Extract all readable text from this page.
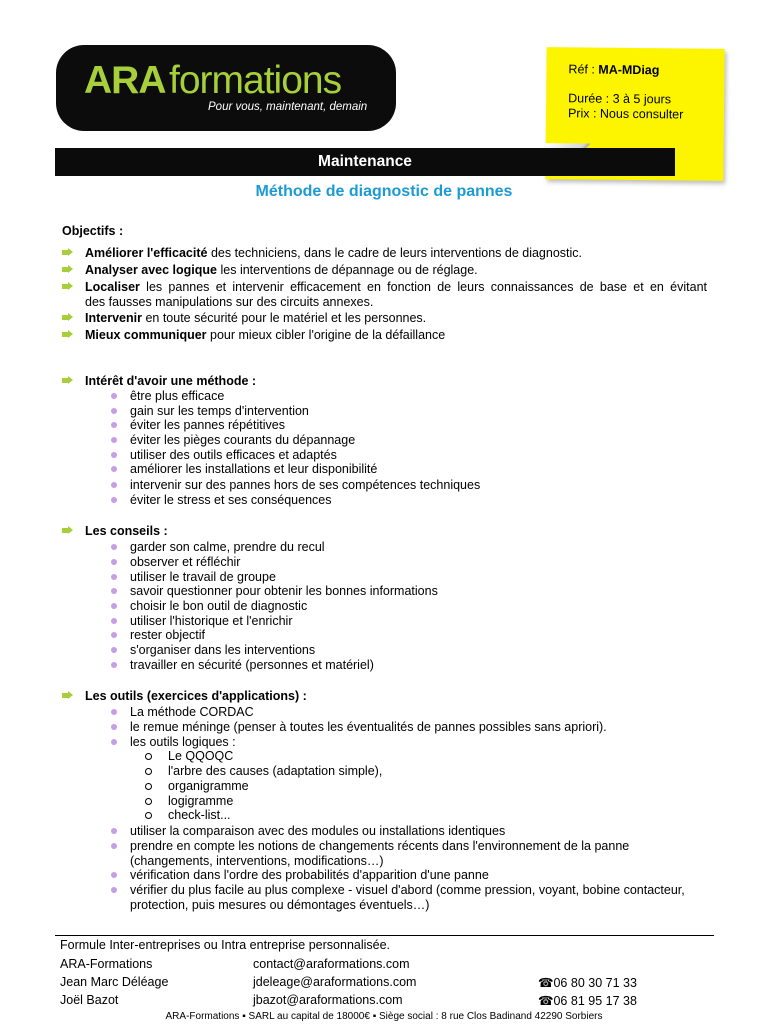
ARA formations
Pour vous, maintenant, demain
Réf : MA-MDiag
Durée : 3 à 5 jours
Prix : Nous consulter
Maintenance
Méthode de diagnostic de pannes
Objectifs :
Améliorer l'efficacité des techniciens, dans le cadre de leurs interventions de diagnostic.
Analyser avec logique les interventions de dépannage ou de réglage.
Localiser les pannes et intervenir efficacement en fonction de leurs connaissances de base et en évitant
des fausses manipulations sur des circuits annexes.
Intervenir en toute sécurité pour le matériel et les personnes.
Mieux communiquer pour mieux cibler l'origine de la défaillance
Intérêt d'avoir une méthode :
être plus efficace
gain sur les temps d'intervention
éviter les pannes répétitives
éviter les pièges courants du dépannage
utiliser des outils efficaces et adaptés
améliorer les installations et leur disponibilité
intervenir sur des pannes hors de ses compétences techniques
éviter le stress et ses conséquences
Les conseils :
garder son calme, prendre du recul
observer et réfléchir
utiliser le travail de groupe
savoir questionner pour obtenir les bonnes informations
choisir le bon outil de diagnostic
utiliser l'historique et l'enrichir
rester objectif
s'organiser dans les interventions
travailler en sécurité (personnes et matériel)
Les outils (exercices d'applications) :
La méthode CORDAC
le remue méninge (penser à toutes les éventualités de pannes possibles sans apriori).
les outils logiques :
Le QQOQC
l'arbre des causes (adaptation simple),
organigramme
logigramme
check-list...
utiliser la comparaison avec des modules ou installations identiques
prendre en compte les notions de changements récents dans l'environnement de la panne
(changements, interventions, modifications…)
vérification dans l'ordre des probabilités d'apparition d'une panne
vérifier du plus facile au plus complexe - visuel d'abord (comme pression, voyant, bobine contacteur,
protection, puis mesures ou démontages éventuels…)
Formule Inter-entreprises ou Intra entreprise personnalisée.
ARA-Formations	contact@araformations.com
Jean Marc Déléage	jdeleage@araformations.com	☎ 06 80 30 71 33
Joël Bazot	jbazot@araformations.com	☎ 06 81 95 17 38
ARA-Formations ▪ SARL au capital de 18000€ ▪ Siège social : 8 rue Clos Badinand 42290 Sorbiers
